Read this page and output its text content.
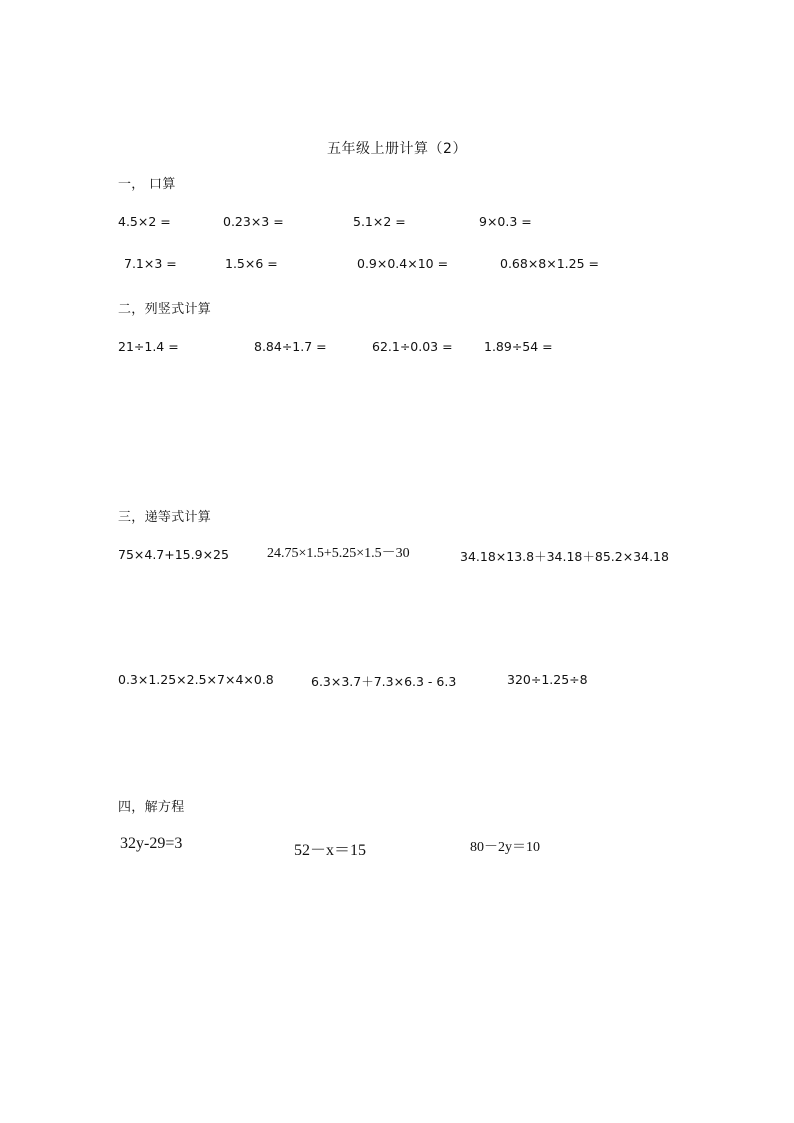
五年级上册计算（2）
一， 口算
4.5×2 =	0.23×3 =	5.1×2 =	9×0.3 =
7.1×3 =	1.5×6 =	0.9×0.4×10 =	0.68×8×1.25 =
二，列竖式计算
21÷1.4 =	8.84÷1.7 =	62.1÷0.03 =	1.89÷54 =
三，递等式计算
75×4.7+15.9×25	24.75×1.5+5.25×1.5－30	34.18×13.8＋34.18＋85.2×34.18
0.3×1.25×2.5×7×4×0.8	6.3×3.7＋7.3×6.3 - 6.3	320÷1.25÷8
四，解方程
32y-29=3	52－x＝15	80－2y＝10
